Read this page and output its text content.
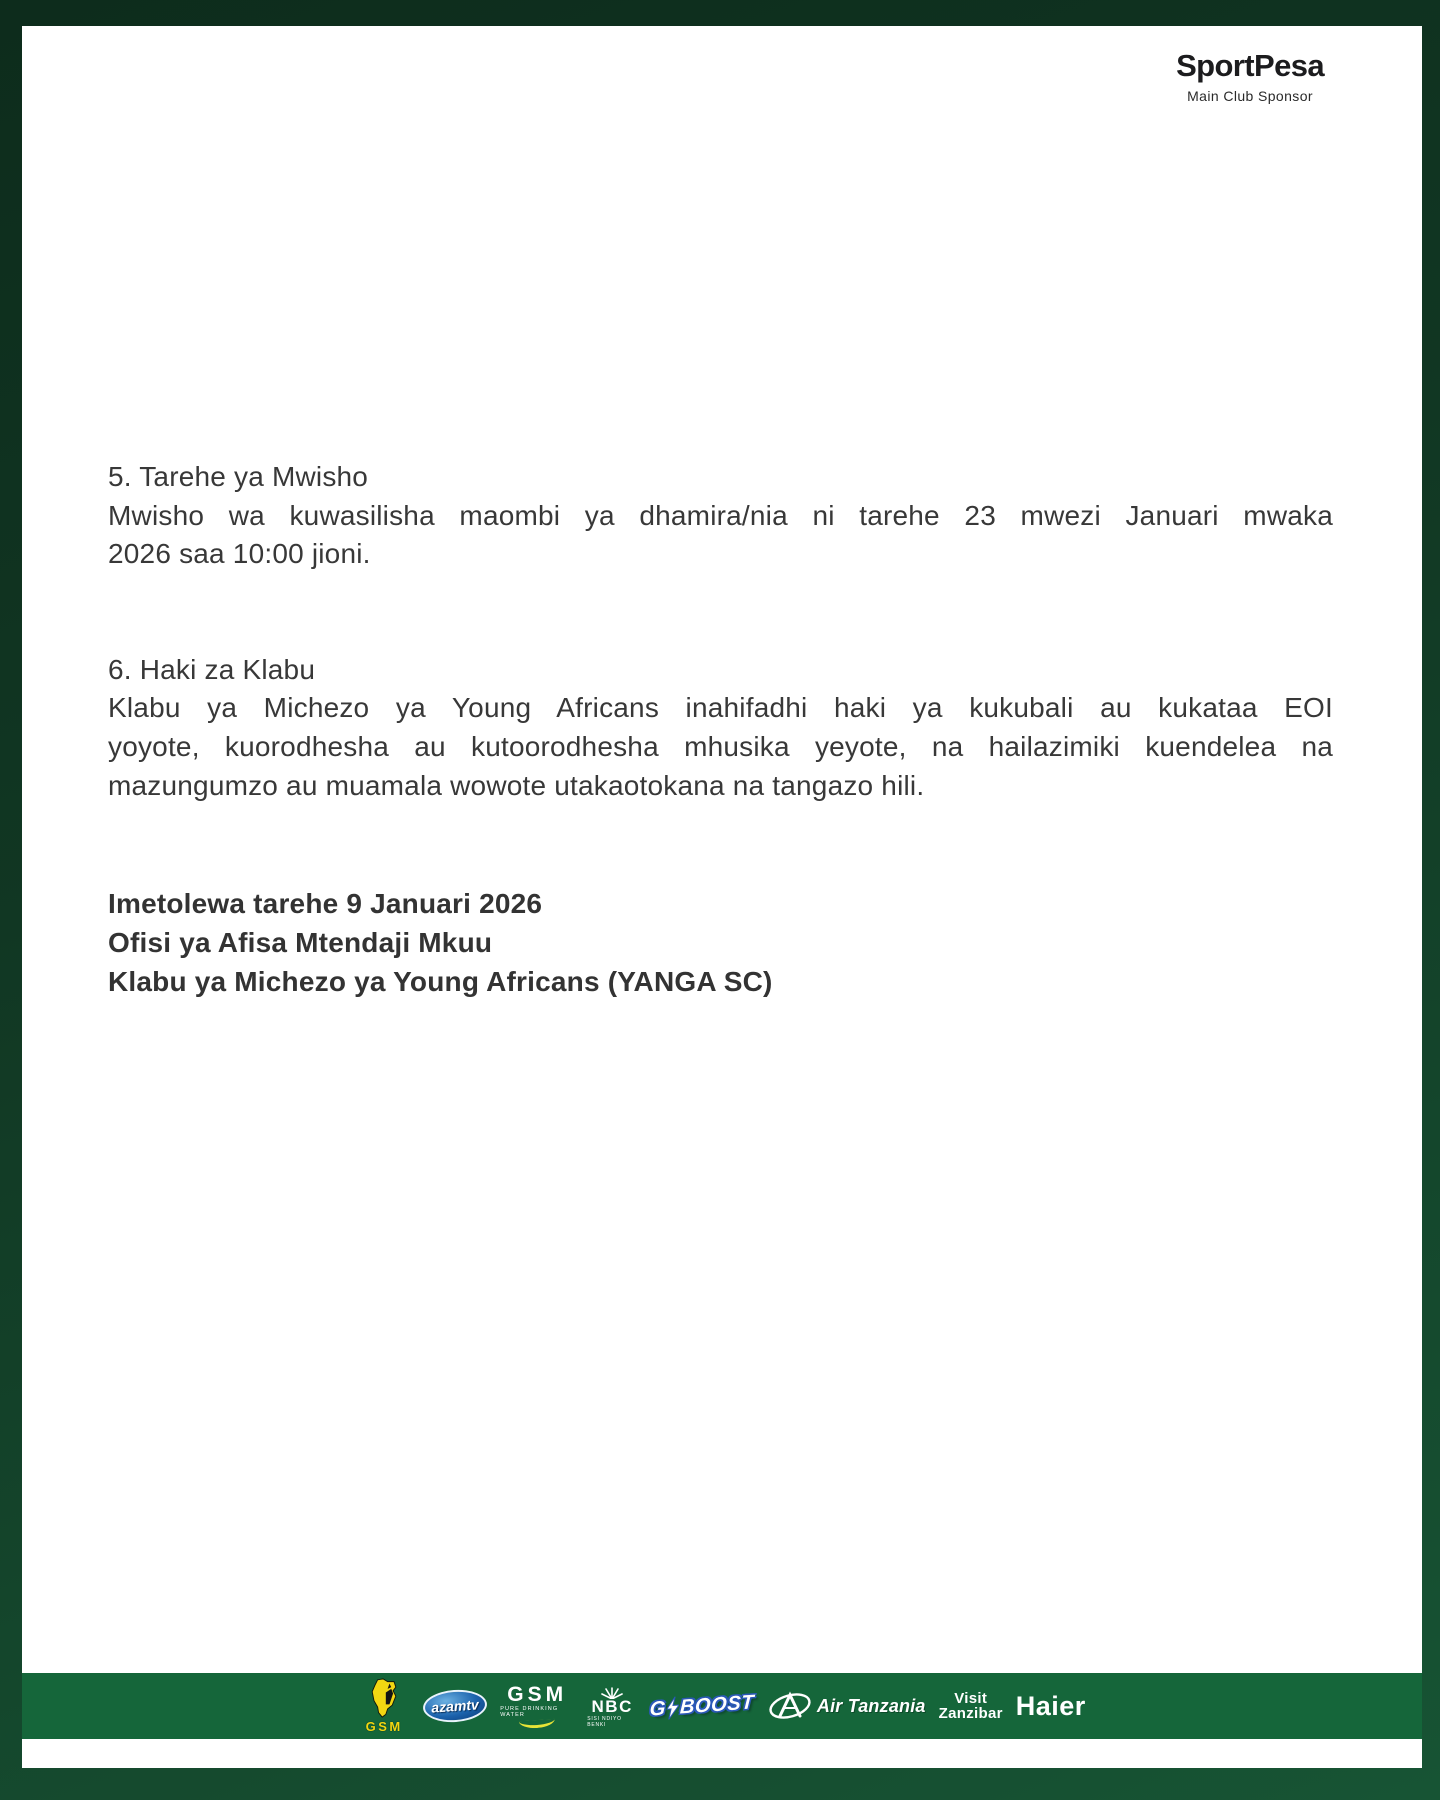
SportPesa
Main Club Sponsor
5. Tarehe ya Mwisho
Mwisho wa kuwasilisha maombi ya dhamira/nia ni tarehe 23 mwezi Januari mwaka
2026 saa 10:00 jioni.
6. Haki za Klabu
Klabu ya Michezo ya Young Africans inahifadhi haki ya kukubali au kukataa EOI
yoyote, kuorodhesha au kutoorodhesha mhusika yeyote, na hailazimiki kuendelea na
mazungumzo au muamala wowote utakaotokana na tangazo hili.
Imetolewa tarehe 9 Januari 2026
Ofisi ya Afisa Mtendaji Mkuu
Klabu ya Michezo ya Young Africans (YANGA SC)
GSM
azamtv
GSM
PURE DRINKING WATER	NBC
SISI NDIYO BENKI
G BOOST	Air Tanzania Visit
Zanzibar Haier
